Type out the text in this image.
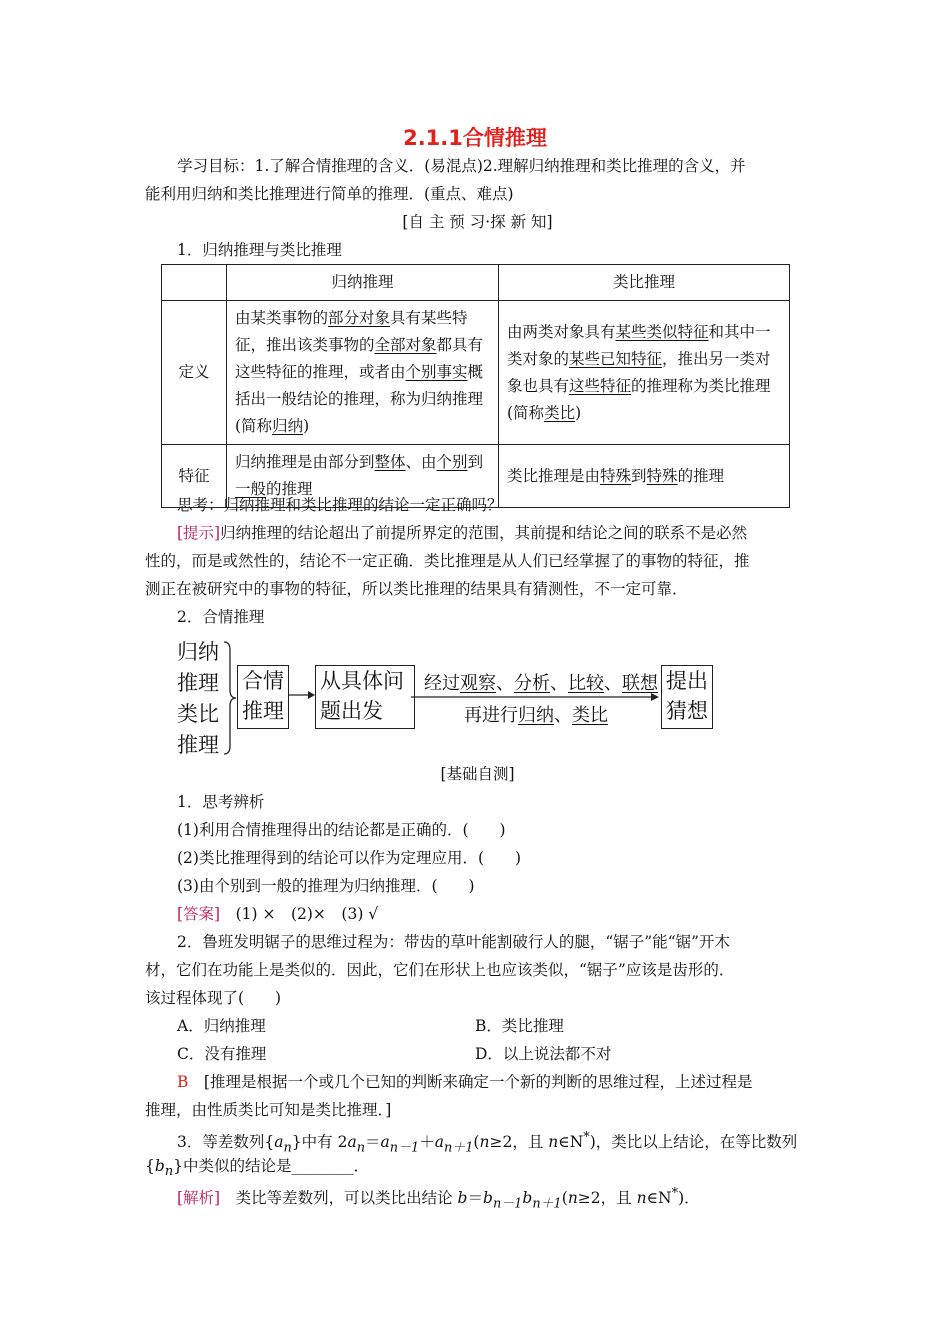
2.1.1合情推理
学习目标：1.了解合情推理的含义．(易混点)2.理解归纳推理和类比推理的含义，并
能利用归纳和类比推理进行简单的推理．(重点、难点)
[自 主 预 习·探 新 知]
1．归纳推理与类比推理
	归纳推理	类比推理
定义	由某类事物的部分对象具有某些特征，推出该类事物的全部对象都具有这些特征的推理，或者由个别事实概括出一般结论的推理，称为归纳推理(简称归纳)	由两类对象具有某些类似特征和其中一类对象的某些已知特征，推出另一类对象也具有这些特征的推理称为类比推理(简称类比)
特征	归纳推理是由部分到整体、由个别到一般的推理	类比推理是由特殊到特殊的推理
思考：归纳推理和类比推理的结论一定正确吗？
[提示]归纳推理的结论超出了前提所界定的范围，其前提和结论之间的联系不是必然
性的，而是或然性的，结论不一定正确．类比推理是从人们已经掌握了的事物的特征，推
测正在被研究中的事物的特征，所以类比推理的结果具有猜测性，不一定可靠．
2．合情推理
归纳
推理
类比
推理
合情
推理
从具体问
题出发
经过观察、分析、比较、联想
再进行归纳、类比
提出
猜想
[基础自测]
1．思考辨析
(1)利用合情推理得出的结论都是正确的．(　　)
(2)类比推理得到的结论可以作为定理应用．(　　)
(3)由个别到一般的推理为归纳推理．(　　)
[答案]　(1) ×　(2)×　(3) √
2．鲁班发明锯子的思维过程为：带齿的草叶能割破行人的腿，“锯子”能“锯”开木
材，它们在功能上是类似的．因此，它们在形状上也应该类似，“锯子”应该是齿形的．
该过程体现了(　　)
A．归纳推理	B．类比推理
C．没有推理	D．以上说法都不对
B　[推理是根据一个或几个已知的判断来确定一个新的判断的思维过程，上述过程是
推理，由性质类比可知是类比推理．]
3．等差数列$\{a_n\}$中有 $2a_n=a_{n-1}+a_{n+1}(n\ge 2$，且 n∈N*)，类比以上结论，在等比数列
$\{b_n\}$中类似的结论是________．
[解析]　类比等差数列，可以类比出结论 $b=b_{n-1}b_{n+1}(n\ge 2$，且 n∈N*)．
